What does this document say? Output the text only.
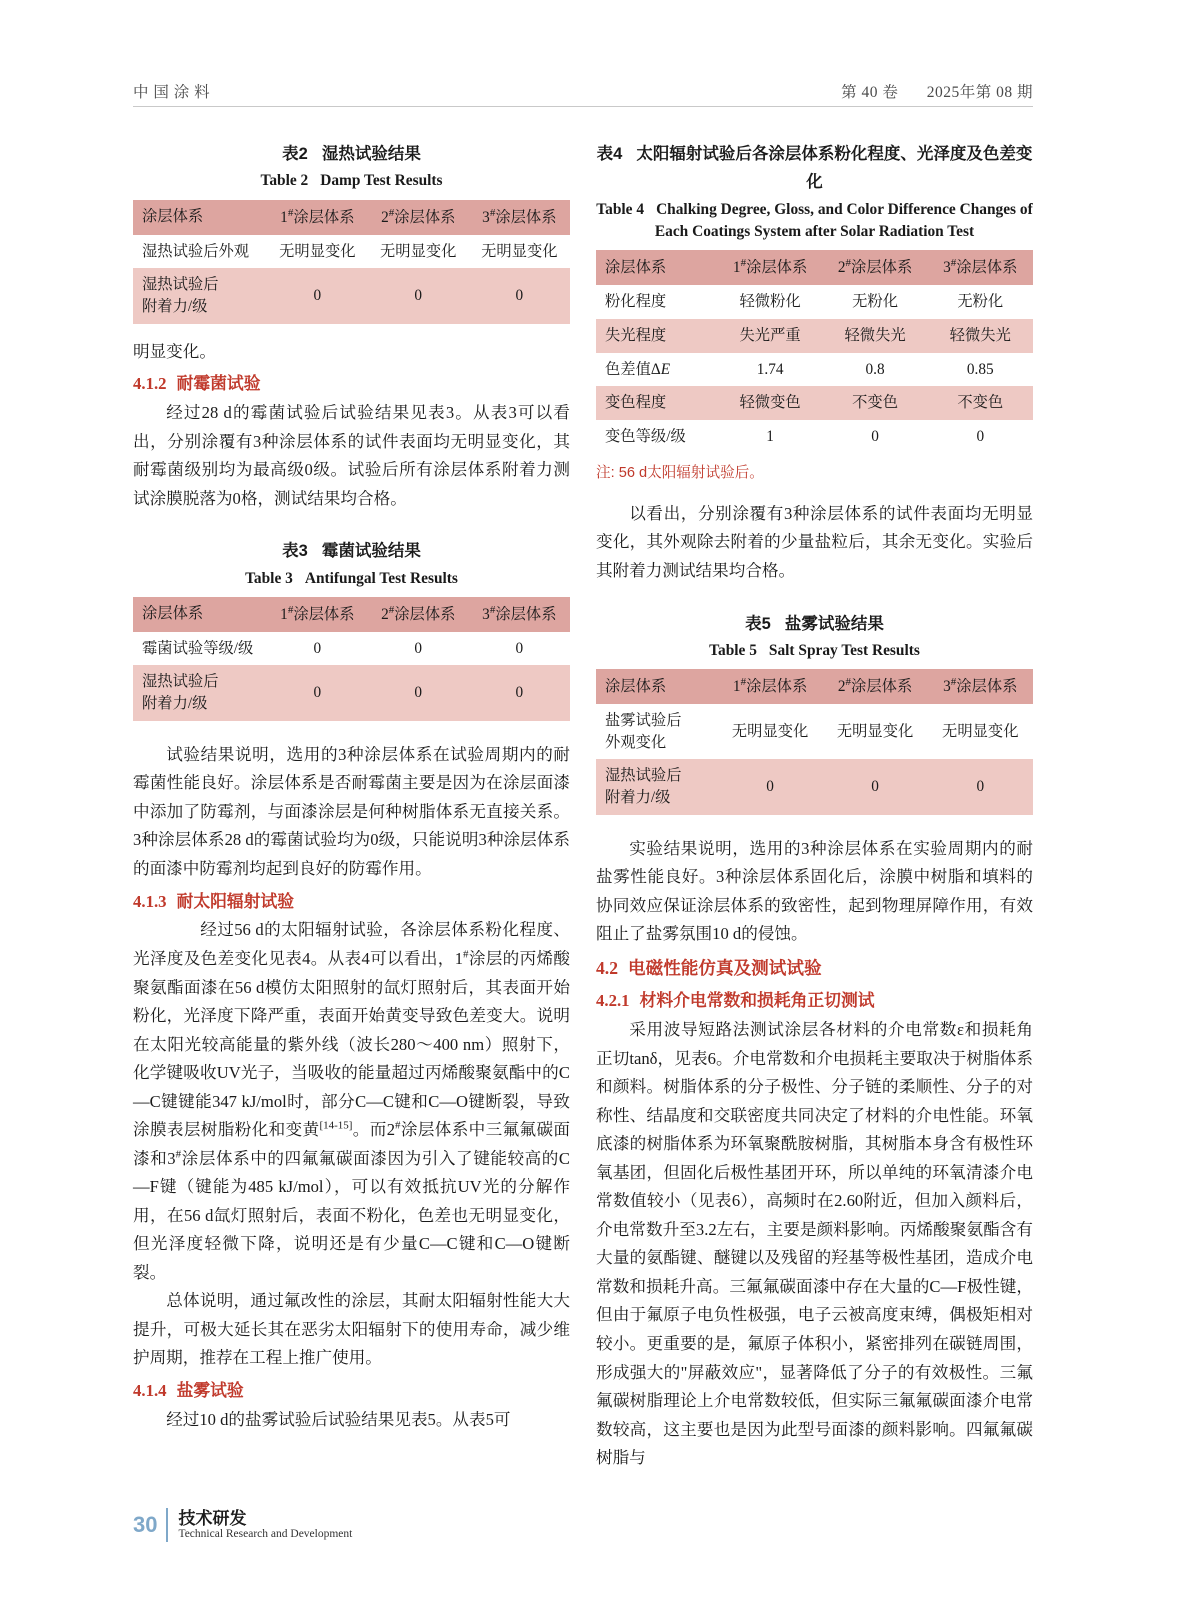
中 国 涂 料	第 40 卷 2025年第 08 期
表2 湿热试验结果
Table 2 Damp Test Results
涂层体系	1#涂层体系	2#涂层体系	3#涂层体系
湿热试验后外观	无明显变化	无明显变化	无明显变化
湿热试验后
附着力/级	0	0	0

明显变化。

4.1.2 耐霉菌试验

经过28 d的霉菌试验后试验结果见表3。从表3可以看出，分别涂覆有3种涂层体系的试件表面均无明显变化，其耐霉菌级别均为最高级0级。试验后所有涂层体系附着力测试涂膜脱落为0格，测试结果均合格。

表3 霉菌试验结果
Table 3 Antifungal Test Results
涂层体系	1#涂层体系	2#涂层体系	3#涂层体系
霉菌试验等级/级	0	0	0
湿热试验后
附着力/级	0	0	0

试验结果说明，选用的3种涂层体系在试验周期内的耐霉菌性能良好。涂层体系是否耐霉菌主要是因为在涂层面漆中添加了防霉剂，与面漆涂层是何种树脂体系无直接关系。3种涂层体系28 d的霉菌试验均为0级，只能说明3种涂层体系的面漆中防霉剂均起到良好的防霉作用。

4.1.3 耐太阳辐射试验

　　经过56 d的太阳辐射试验，各涂层体系粉化程度、光泽度及色差变化见表4。从表4可以看出，1#涂层的丙烯酸聚氨酯面漆在56 d模仿太阳照射的氙灯照射后，其表面开始粉化，光泽度下降严重，表面开始黄变导致色差变大。说明在太阳光较高能量的紫外线（波长280～400 nm）照射下，化学键吸收UV光子，当吸收的能量超过丙烯酸聚氨酯中的C—C键键能347 kJ/mol时，部分C—C键和C—O键断裂，导致涂膜表层树脂粉化和变黄[14-15]。而2#涂层体系中三氟氟碳面漆和3#涂层体系中的四氟氟碳面漆因为引入了键能较高的C—F键（键能为485 kJ/mol），可以有效抵抗UV光的分解作用，在56 d氙灯照射后，表面不粉化，色差也无明显变化，但光泽度轻微下降，说明还是有少量C—C键和C—O键断裂。

总体说明，通过氟改性的涂层，其耐太阳辐射性能大大提升，可极大延长其在恶劣太阳辐射下的使用寿命，减少维护周期，推荐在工程上推广使用。

4.1.4 盐雾试验

经过10 d的盐雾试验后试验结果见表5。从表5可

表4 太阳辐射试验后各涂层体系粉化程度、光泽度及色差变化
Table 4 Chalking Degree, Gloss, and Color Difference Changes of Each Coatings System after Solar Radiation Test
涂层体系	1#涂层体系	2#涂层体系	3#涂层体系
粉化程度	轻微粉化	无粉化	无粉化
失光程度	失光严重	轻微失光	轻微失光
色差值ΔE	1.74	0.8	0.85
变色程度	轻微变色	不变色	不变色
变色等级/级	1	0	0
注: 56 d太阳辐射试验后。

以看出，分别涂覆有3种涂层体系的试件表面均无明显变化，其外观除去附着的少量盐粒后，其余无变化。实验后其附着力测试结果均合格。

表5 盐雾试验结果
Table 5 Salt Spray Test Results
涂层体系	1#涂层体系	2#涂层体系	3#涂层体系
盐雾试验后
外观变化	无明显变化	无明显变化	无明显变化
湿热试验后
附着力/级	0	0	0

实验结果说明，选用的3种涂层体系在实验周期内的耐盐雾性能良好。3种涂层体系固化后，涂膜中树脂和填料的协同效应保证涂层体系的致密性，起到物理屏障作用，有效阻止了盐雾氛围10 d的侵蚀。

4.2 电磁性能仿真及测试试验
4.2.1 材料介电常数和损耗角正切测试

采用波导短路法测试涂层各材料的介电常数ε和损耗角正切tanδ，见表6。介电常数和介电损耗主要取决于树脂体系和颜料。树脂体系的分子极性、分子链的柔顺性、分子的对称性、结晶度和交联密度共同决定了材料的介电性能。环氧底漆的树脂体系为环氧聚酰胺树脂，其树脂本身含有极性环氧基团，但固化后极性基团开环，所以单纯的环氧清漆介电常数值较小（见表6），高频时在2.60附近，但加入颜料后，介电常数升至3.2左右，主要是颜料影响。丙烯酸聚氨酯含有大量的氨酯键、醚键以及残留的羟基等极性基团，造成介电常数和损耗升高。三氟氟碳面漆中存在大量的C—F极性键，但由于氟原子电负性极强，电子云被高度束缚，偶极矩相对较小。更重要的是，氟原子体积小，紧密排列在碳链周围，形成强大的"屏蔽效应"，显著降低了分子的有效极性。三氟氟碳树脂理论上介电常数较低，但实际三氟氟碳面漆介电常数较高，这主要也是因为此型号面漆的颜料影响。四氟氟碳树脂与

30 技术研发
Technical Research and Development
